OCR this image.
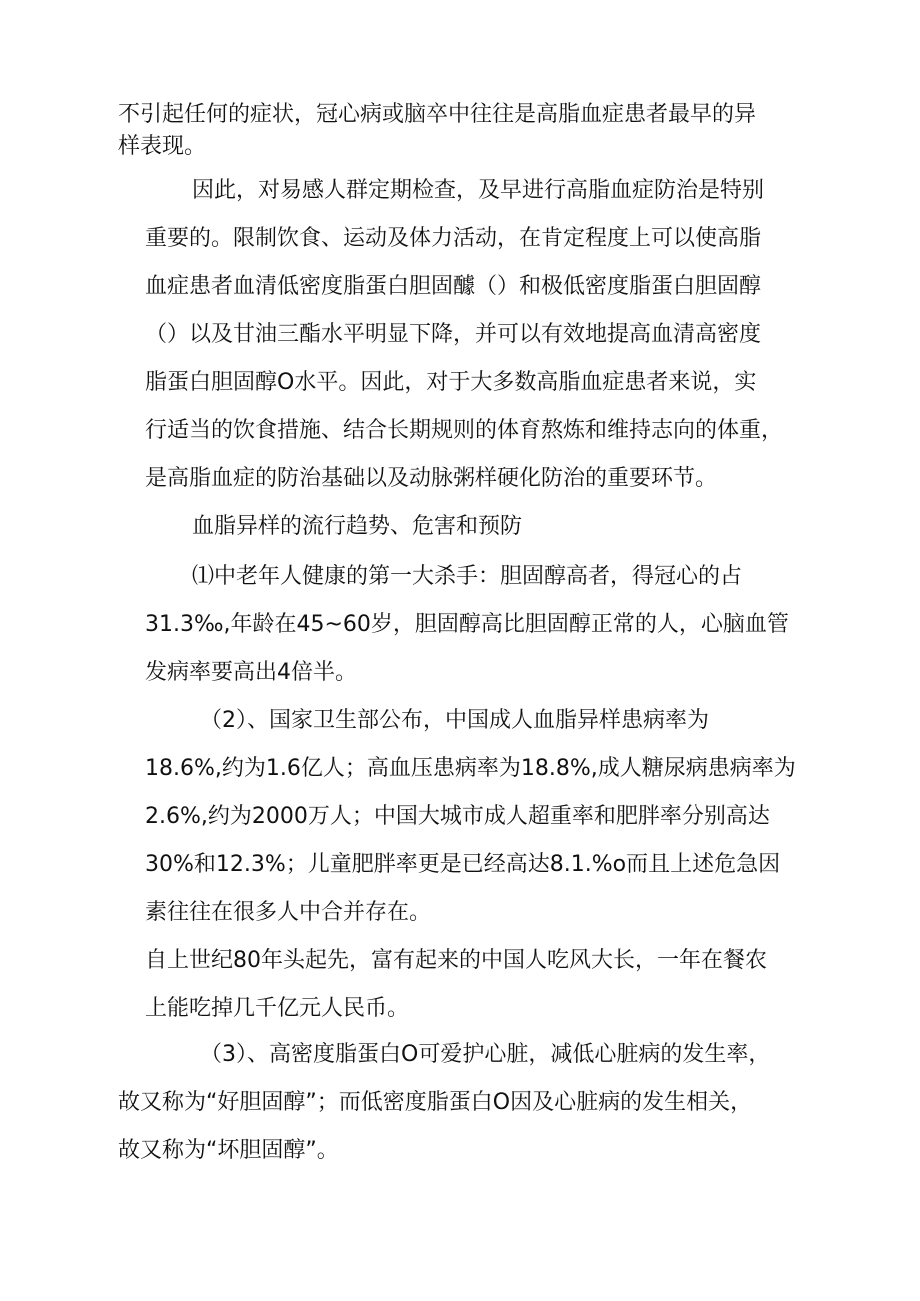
不引起任何的症状，冠心病或脑卒中往往是高脂血症患者最早的异

样表现。

因此，对易感人群定期检查，及早进行高脂血症防治是特别

重要的。限制饮食、运动及体力活动，在肯定程度上可以使高脂

血症患者血清低密度脂蛋白胆固醵（）和极低密度脂蛋白胆固醇

（）以及甘油三酯水平明显下降，并可以有效地提高血清高密度

脂蛋白胆固醇O水平。因此，对于大多数高脂血症患者来说，实

行适当的饮食措施、结合长期规则的体育熬炼和维持志向的体重，

是高脂血症的防治基础以及动脉粥样硬化防治的重要环节。

血脂异样的流行趋势、危害和预防

⑴中老年人健康的第一大杀手：胆固醇高者，得冠心的占

31.3‰,年龄在45~60岁，胆固醇高比胆固醇正常的人，心脑血管

发病率要高出4倍半。

（2）、国家卫生部公布，中国成人血脂异样患病率为

18.6%,约为1.6亿人；高血压患病率为18.8%,成人糖尿病患病率为

2.6%,约为2000万人；中国大城市成人超重率和肥胖率分别高达

30%和12.3%；儿童肥胖率更是已经高达8.1.%o而且上述危急因

素往往在很多人中合并存在。

自上世纪80年头起先，富有起来的中国人吃风大长，一年在餐农

上能吃掉几千亿元人民币。

（3）、高密度脂蛋白O可爱护心脏，减低心脏病的发生率，

故又称为“好胆固醇”；而低密度脂蛋白O因及心脏病的发生相关，

故又称为“坏胆固醇”。
